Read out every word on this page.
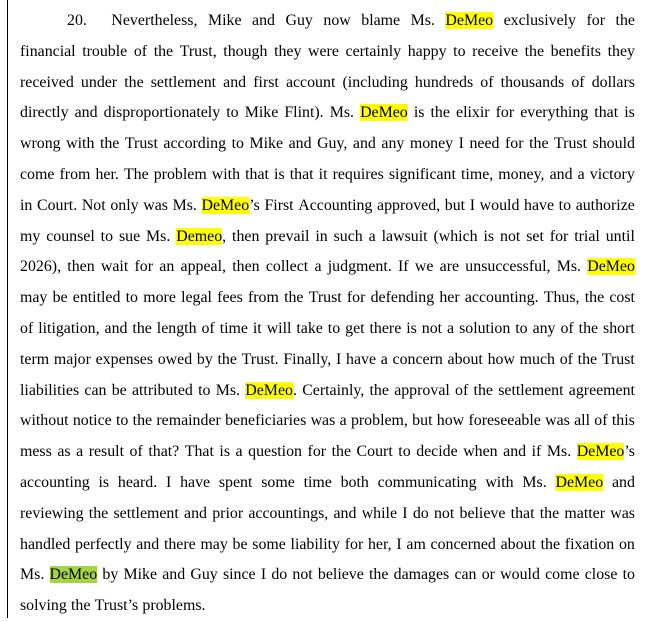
20. Nevertheless, Mike and Guy now blame Ms. DeMeo exclusively for the
financial trouble of the Trust, though they were certainly happy to receive the benefits they
received under the settlement and first account (including hundreds of thousands of dollars
directly and disproportionately to Mike Flint). Ms. DeMeo is the elixir for everything that is
wrong with the Trust according to Mike and Guy, and any money I need for the Trust should
come from her. The problem with that is that it requires significant time, money, and a victory
in Court. Not only was Ms. DeMeo’s First Accounting approved, but I would have to authorize
my counsel to sue Ms. Demeo, then prevail in such a lawsuit (which is not set for trial until
2026), then wait for an appeal, then collect a judgment. If we are unsuccessful, Ms. DeMeo
may be entitled to more legal fees from the Trust for defending her accounting. Thus, the cost
of litigation, and the length of time it will take to get there is not a solution to any of the short
term major expenses owed by the Trust. Finally, I have a concern about how much of the Trust
liabilities can be attributed to Ms. DeMeo. Certainly, the approval of the settlement agreement
without notice to the remainder beneficiaries was a problem, but how foreseeable was all of this
mess as a result of that? That is a question for the Court to decide when and if Ms. DeMeo’s
accounting is heard. I have spent some time both communicating with Ms. DeMeo and
reviewing the settlement and prior accountings, and while I do not believe that the matter was
handled perfectly and there may be some liability for her, I am concerned about the fixation on
Ms. DeMeo by Mike and Guy since I do not believe the damages can or would come close to
solving the Trust’s problems.
